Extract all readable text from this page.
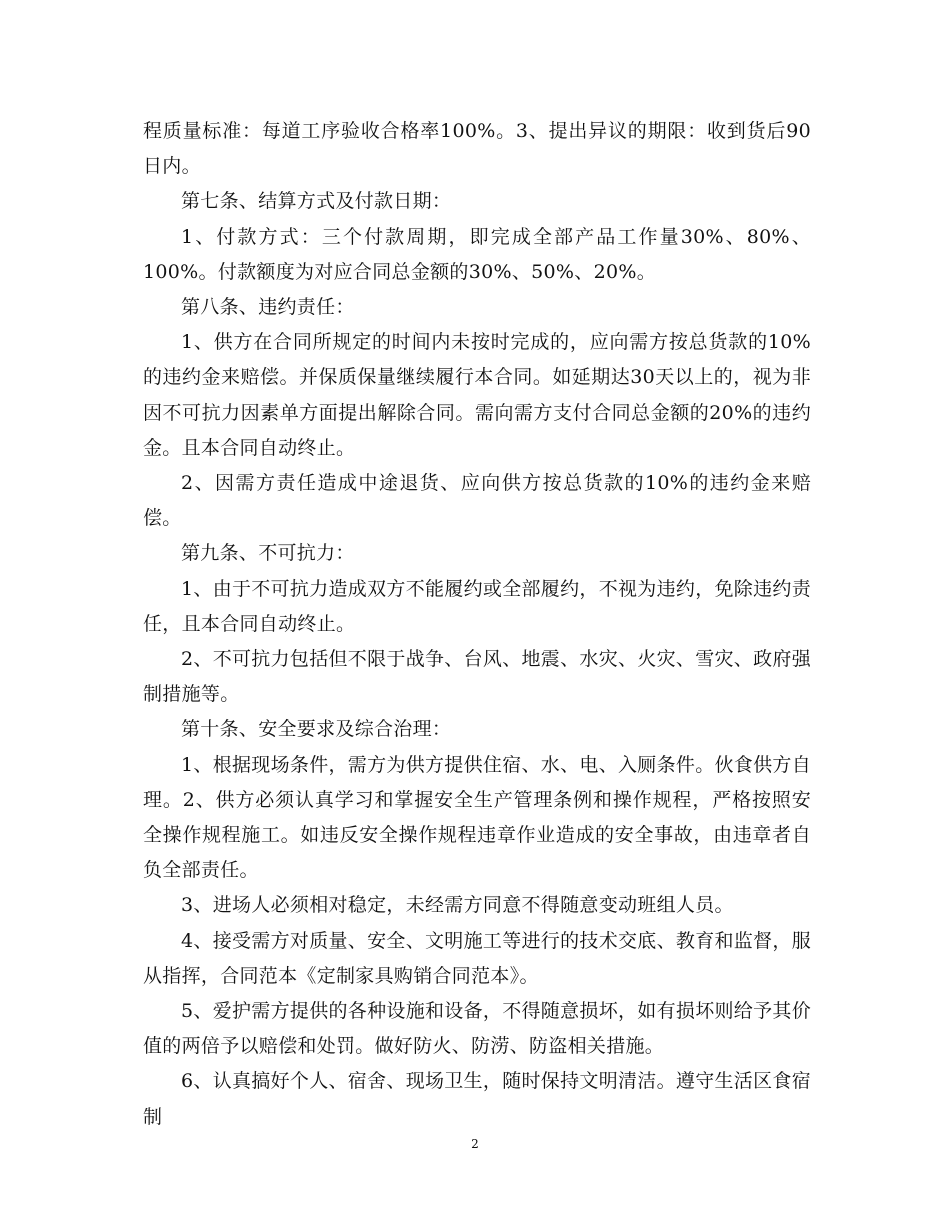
程质量标准：每道工序验收合格率100%。3、提出异议的期限：收到货后90日内。

第七条、结算方式及付款日期：

1、付款方式：三个付款周期，即完成全部产品工作量30%、80%、100%。付款额度为对应合同总金额的30%、50%、20%。

第八条、违约责任：

1、供方在合同所规定的时间内未按时完成的，应向需方按总货款的10%的违约金来赔偿。并保质保量继续履行本合同。如延期达30天以上的，视为非因不可抗力因素单方面提出解除合同。需向需方支付合同总金额的20%的违约金。且本合同自动终止。

2、因需方责任造成中途退货、应向供方按总货款的10%的违约金来赔偿。

第九条、不可抗力：

1、由于不可抗力造成双方不能履约或全部履约，不视为违约，免除违约责任，且本合同自动终止。

2、不可抗力包括但不限于战争、台风、地震、水灾、火灾、雪灾、政府强制措施等。

第十条、安全要求及综合治理：

1、根据现场条件，需方为供方提供住宿、水、电、入厕条件。伙食供方自理。2、供方必须认真学习和掌握安全生产管理条例和操作规程，严格按照安全操作规程施工。如违反安全操作规程违章作业造成的安全事故，由违章者自负全部责任。

3、进场人必须相对稳定，未经需方同意不得随意变动班组人员。

4、接受需方对质量、安全、文明施工等进行的技术交底、教育和监督，服从指挥，合同范本《定制家具购销合同范本》。

5、爱护需方提供的各种设施和设备，不得随意损坏，如有损坏则给予其价值的两倍予以赔偿和处罚。做好防火、防涝、防盗相关措施。

6、认真搞好个人、宿舍、现场卫生，随时保持文明清洁。遵守生活区食宿制

2
